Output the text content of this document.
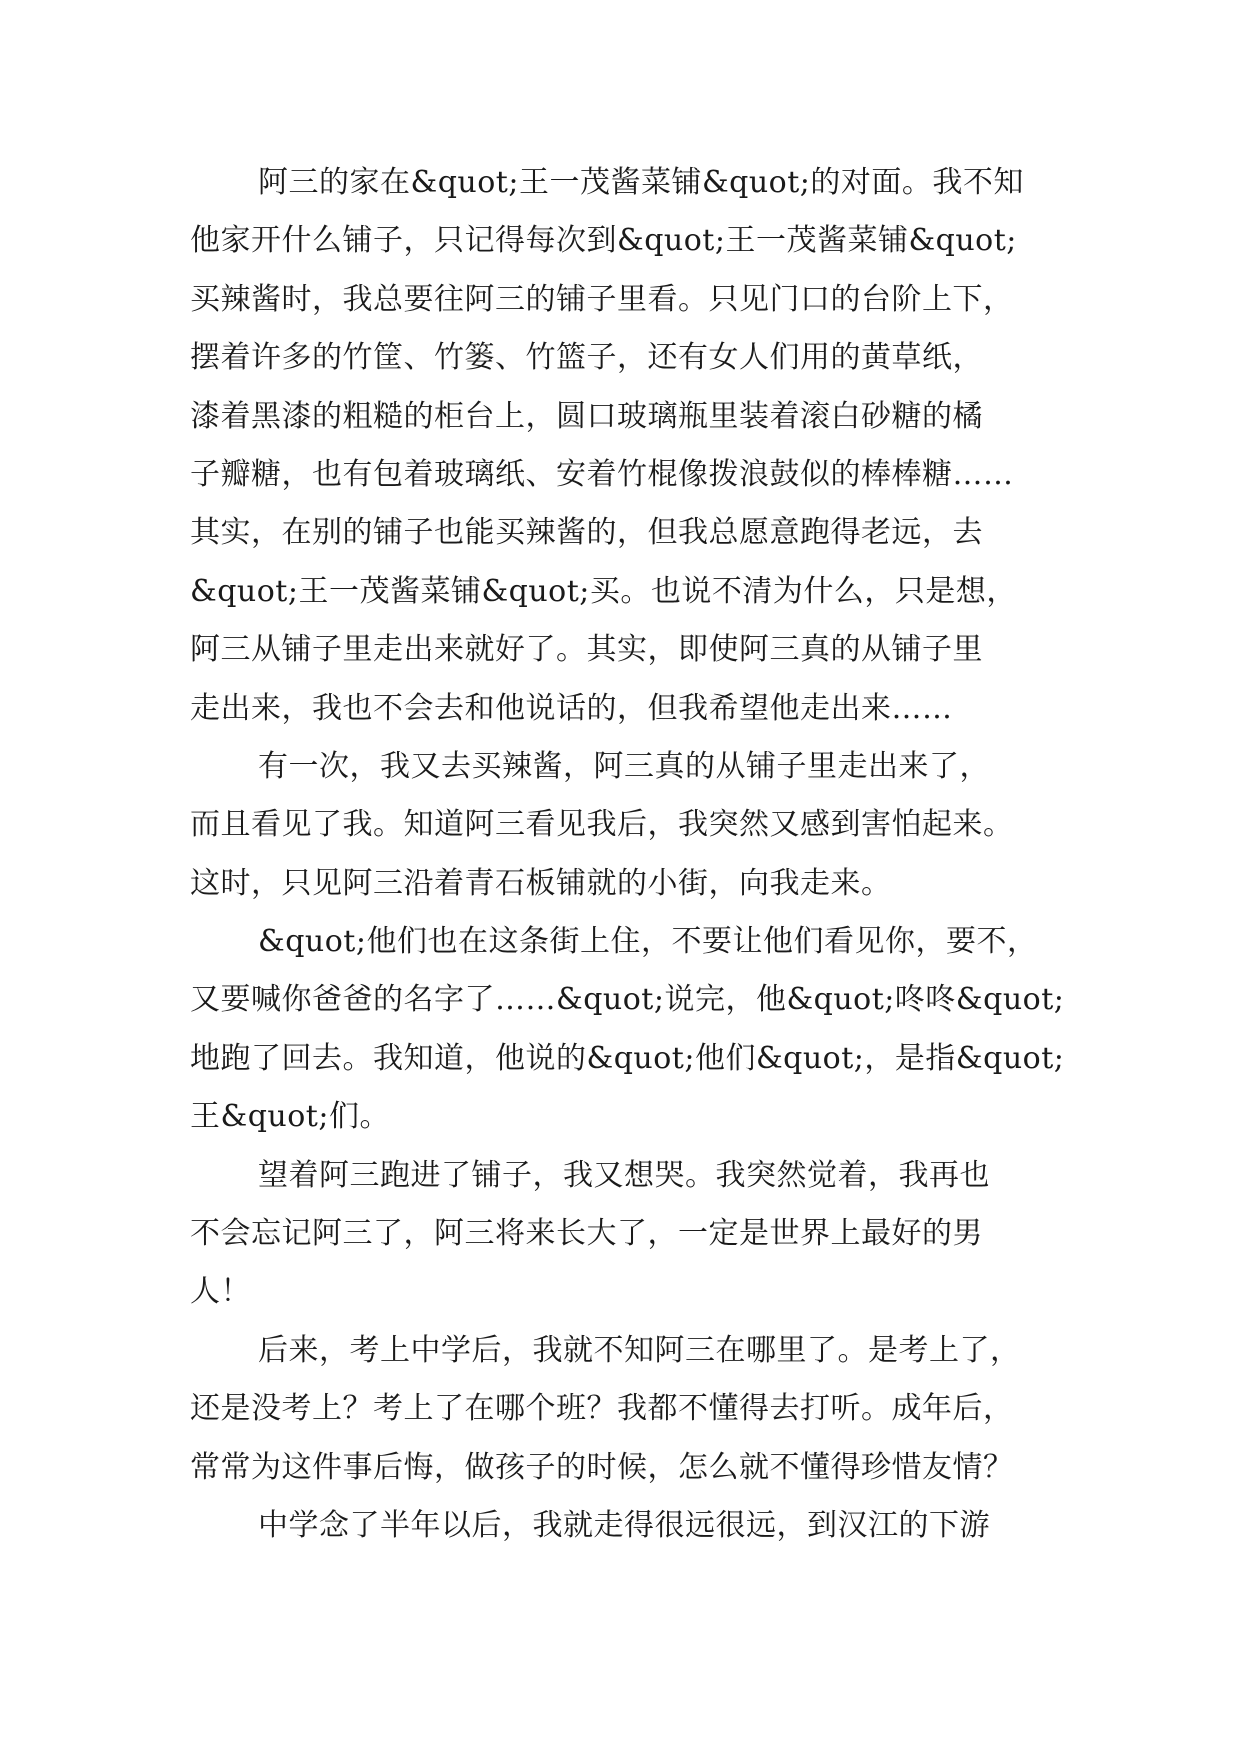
阿三的家在&quot;王一茂酱菜铺&quot;的对面。我不知
他家开什么铺子，只记得每次到&quot;王一茂酱菜铺&quot;
买辣酱时，我总要往阿三的铺子里看。只见门口的台阶上下，
摆着许多的竹筐、竹篓、竹篮子，还有女人们用的黄草纸，
漆着黑漆的粗糙的柜台上，圆口玻璃瓶里装着滚白砂糖的橘
子瓣糖，也有包着玻璃纸、安着竹棍像拨浪鼓似的棒棒糖……
其实，在别的铺子也能买辣酱的，但我总愿意跑得老远，去
&quot;王一茂酱菜铺&quot;买。也说不清为什么，只是想，
阿三从铺子里走出来就好了。其实，即使阿三真的从铺子里
走出来，我也不会去和他说话的，但我希望他走出来……
有一次，我又去买辣酱，阿三真的从铺子里走出来了，
而且看见了我。知道阿三看见我后，我突然又感到害怕起来。
这时，只见阿三沿着青石板铺就的小街，向我走来。
&quot;他们也在这条街上住，不要让他们看见你，要不，
又要喊你爸爸的名字了……&quot;说完，他&quot;咚咚&quot;
地跑了回去。我知道，他说的&quot;他们&quot;，是指&quot;
王&quot;们。
望着阿三跑进了铺子，我又想哭。我突然觉着，我再也
不会忘记阿三了，阿三将来长大了，一定是世界上最好的男
人！
后来，考上中学后，我就不知阿三在哪里了。是考上了，
还是没考上？考上了在哪个班？我都不懂得去打听。成年后，
常常为这件事后悔，做孩子的时候，怎么就不懂得珍惜友情？
中学念了半年以后，我就走得很远很远，到汉江的下游
